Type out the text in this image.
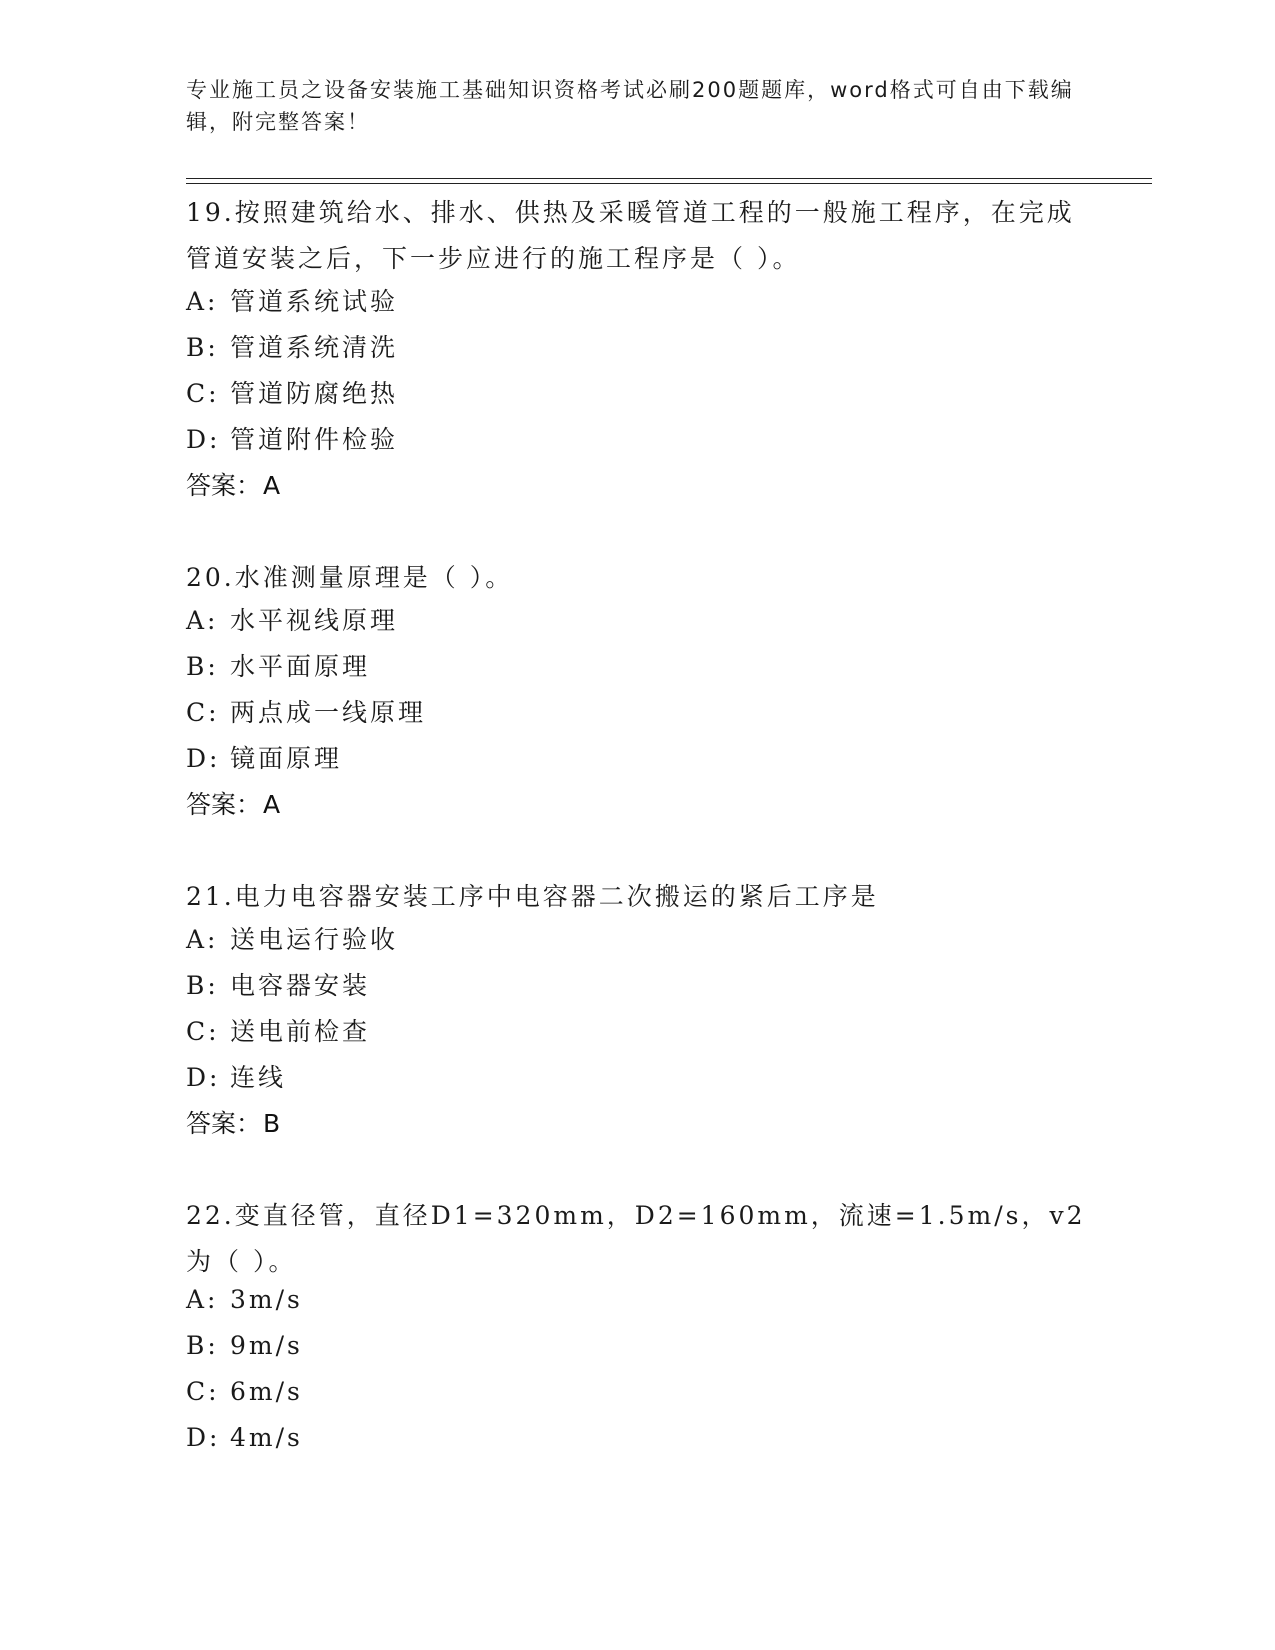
专业施工员之设备安装施工基础知识资格考试必刷200题题库，word格式可自由下载编辑，附完整答案！

19.按照建筑给水、排水、供热及采暖管道工程的一般施工程序，在完成管道安装之后，下一步应进行的施工程序是（ ）。

A: 管道系统试验
B: 管道系统清洗
C: 管道防腐绝热
D: 管道附件检验
答案： A

20.水准测量原理是（ ）。

A: 水平视线原理
B: 水平面原理
C: 两点成一线原理
D: 镜面原理
答案： A

21.电力电容器安装工序中电容器二次搬运的紧后工序是

A: 送电运行验收
B: 电容器安装
C: 送电前检查
D: 连线
答案： B

22.变直径管，直径D1=320mm，D2=160mm，流速=1.5m/s，v2为（ ）。

A: 3m/s
B: 9m/s
C: 6m/s
D: 4m/s
